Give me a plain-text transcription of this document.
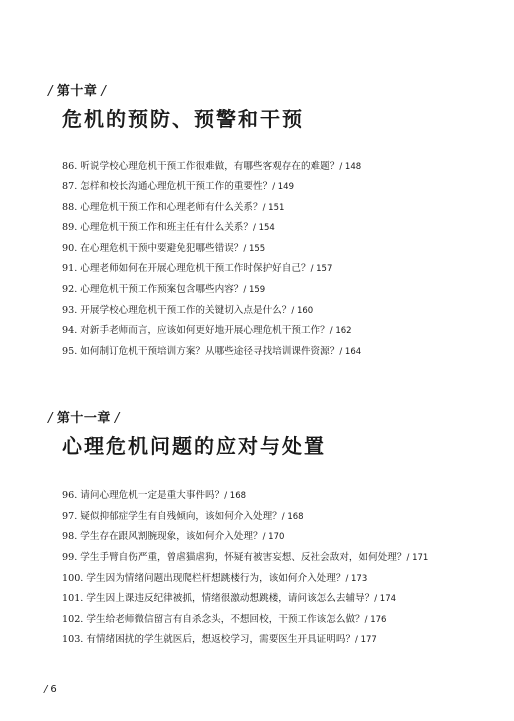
/ 第十章 /
危机的预防、预警和干预
86. 听说学校心理危机干预工作很难做，有哪些客观存在的难题？/ 148
87. 怎样和校长沟通心理危机干预工作的重要性？/ 149
88. 心理危机干预工作和心理老师有什么关系？/ 151
89. 心理危机干预工作和班主任有什么关系？/ 154
90. 在心理危机干预中要避免犯哪些错误？/ 155
91. 心理老师如何在开展心理危机干预工作时保护好自己？/ 157
92. 心理危机干预工作预案包含哪些内容？/ 159
93. 开展学校心理危机干预工作的关键切入点是什么？/ 160
94. 对新手老师而言，应该如何更好地开展心理危机干预工作？/ 162
95. 如何制订危机干预培训方案？从哪些途径寻找培训课件资源？/ 164
/ 第十一章 /
心理危机问题的应对与处置
96. 请问心理危机一定是重大事件吗？/ 168
97. 疑似抑郁症学生有自残倾向，该如何介入处理？/ 168
98. 学生存在跟风割腕现象，该如何介入处理？/ 170
99. 学生手臂自伤严重，曾虐猫虐狗，怀疑有被害妄想、反社会敌对，如何处理？/ 171
100. 学生因为情绪问题出现爬栏杆想跳楼行为，该如何介入处理？/ 173
101. 学生因上课违反纪律被抓，情绪很激动想跳楼，请问该怎么去辅导？/ 174
102. 学生给老师微信留言有自杀念头，不想回校，干预工作该怎么做？/ 176
103. 有情绪困扰的学生就医后，想返校学习，需要医生开具证明吗？/ 177
/ 6
